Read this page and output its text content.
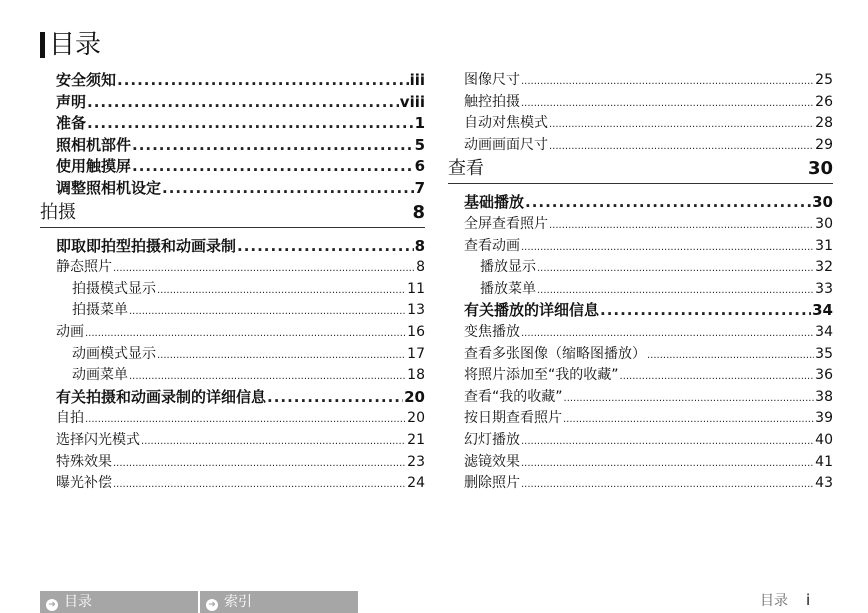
目录
安全须知 .....	iii
声明 .....	viii
准备 .....	1
照相机部件 .....	5
使用触摸屏 .....	6
调整照相机设定 .....	7
拍摄	8
即取即拍型拍摄和动画录制 .....	8
静态照片 .....	8
拍摄模式显示 .....	11
拍摄菜单 .....	13
动画 .....	16
动画模式显示 .....	17
动画菜单 .....	18
有关拍摄和动画录制的详细信息 .....	20
自拍 .....	20
选择闪光模式 .....	21
特殊效果 .....	23
曝光补偿 .....	24
图像尺寸 .....	25
触控拍摄 .....	26
自动对焦模式 .....	28
动画画面尺寸 .....	29
查看	30
基础播放 .....	30
全屏查看照片 .....	30
查看动画 .....	31
播放显示 .....	32
播放菜单 .....	33
有关播放的详细信息 .....	34
变焦播放 .....	34
查看多张图像（缩略图播放） .....	35
将照片添加至“我的收藏” .....	36
查看“我的收藏” .....	38
按日期查看照片 .....	39
幻灯播放 .....	40
滤镜效果 .....	41
删除照片 .....	43
➜ 目录	➜ 索引	目录 i
